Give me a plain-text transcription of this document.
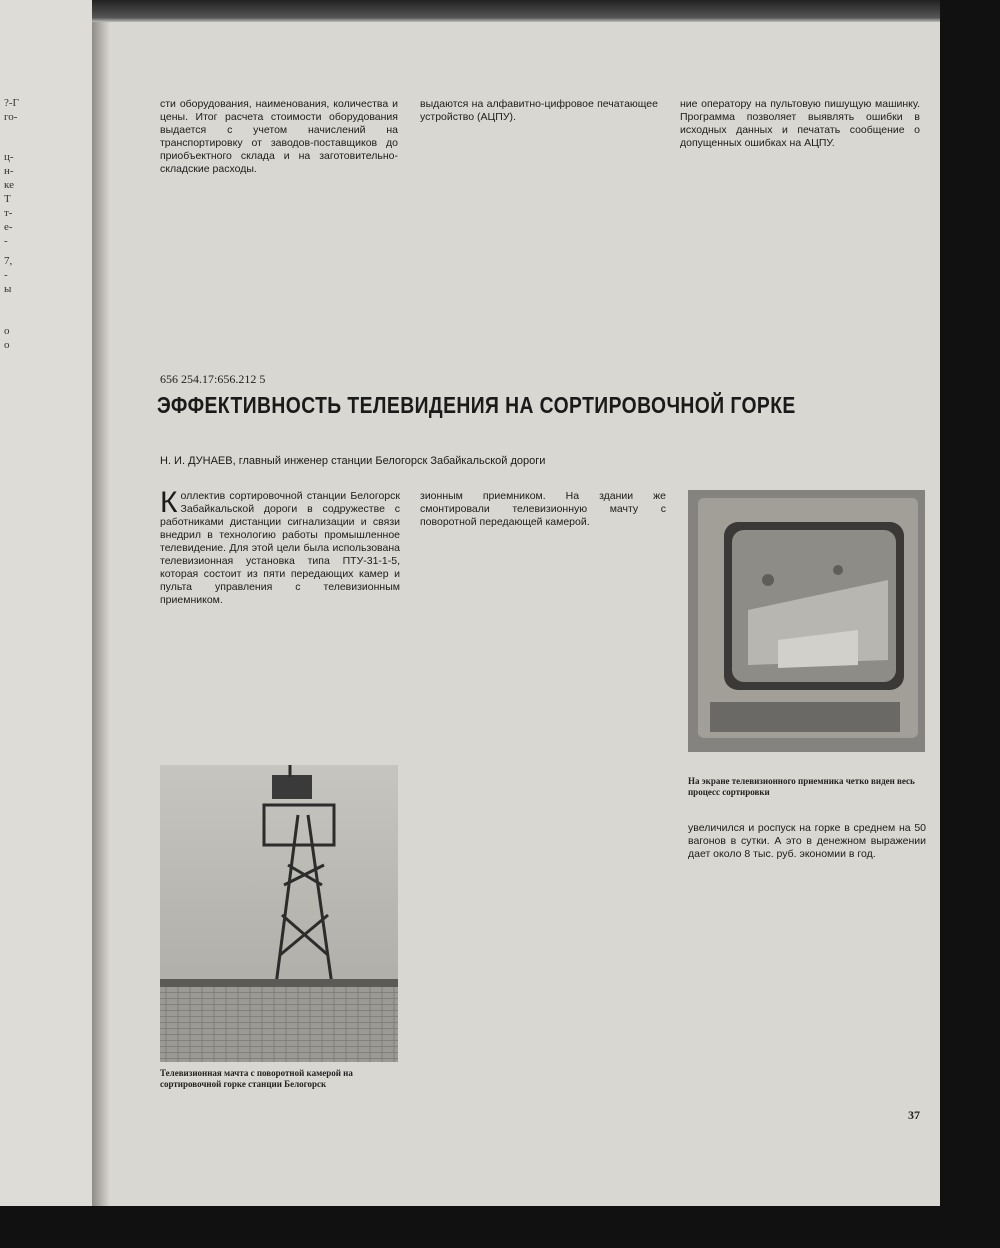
?-Г
го-
ц-
н-
ке
Т
т-
е-
-
7,
-
ы
о
о

сти оборудования, наименования, количества и цены. Итог расчета стоимости оборудования выдается с учетом начислений на транспортировку от заводов-поставщиков до приобъектного склада и на заготовительно-складские расходы.

выдаются на алфавитно-цифровое печатающее устройство (АЦПУ).

ние оператору на пультовую пишущую машинку. Программа позволяет выявлять ошибки в исходных данных и печатать сообщение о допущенных ошибках на АЦПУ.

656 254.17:656.212 5
ЭФФЕКТИВНОСТЬ ТЕЛЕВИДЕНИЯ НА СОРТИРОВОЧНОЙ ГОРКЕ
Н. И. ДУНАЕВ, главный инженер станции Белогорск Забайкальской дороги

Коллектив сортировочной станции Белогорск Забайкальской дороги в содружестве с работниками дистанции сигнализации и связи внедрил в технологию работы промышленное телевидение. Для этой цели была использована телевизионная установка типа ПТУ-31-1-5, которая состоит из пяти передающих камер и пульта управления с телевизионным приемником.

Телевизионная мачта с поворотной камерой на сортировочной горке станции Белогорск

зионным приемником. На здании же смонтировали телевизионную мачту с поворотной передающей камерой.

На экране телевизионного приемника четко виден весь процесс сортировки

увеличился и роспуск на горке в среднем на 50 вагонов в сутки. А это в денежном выражении дает около 8 тыс. руб. экономии в год.

37
